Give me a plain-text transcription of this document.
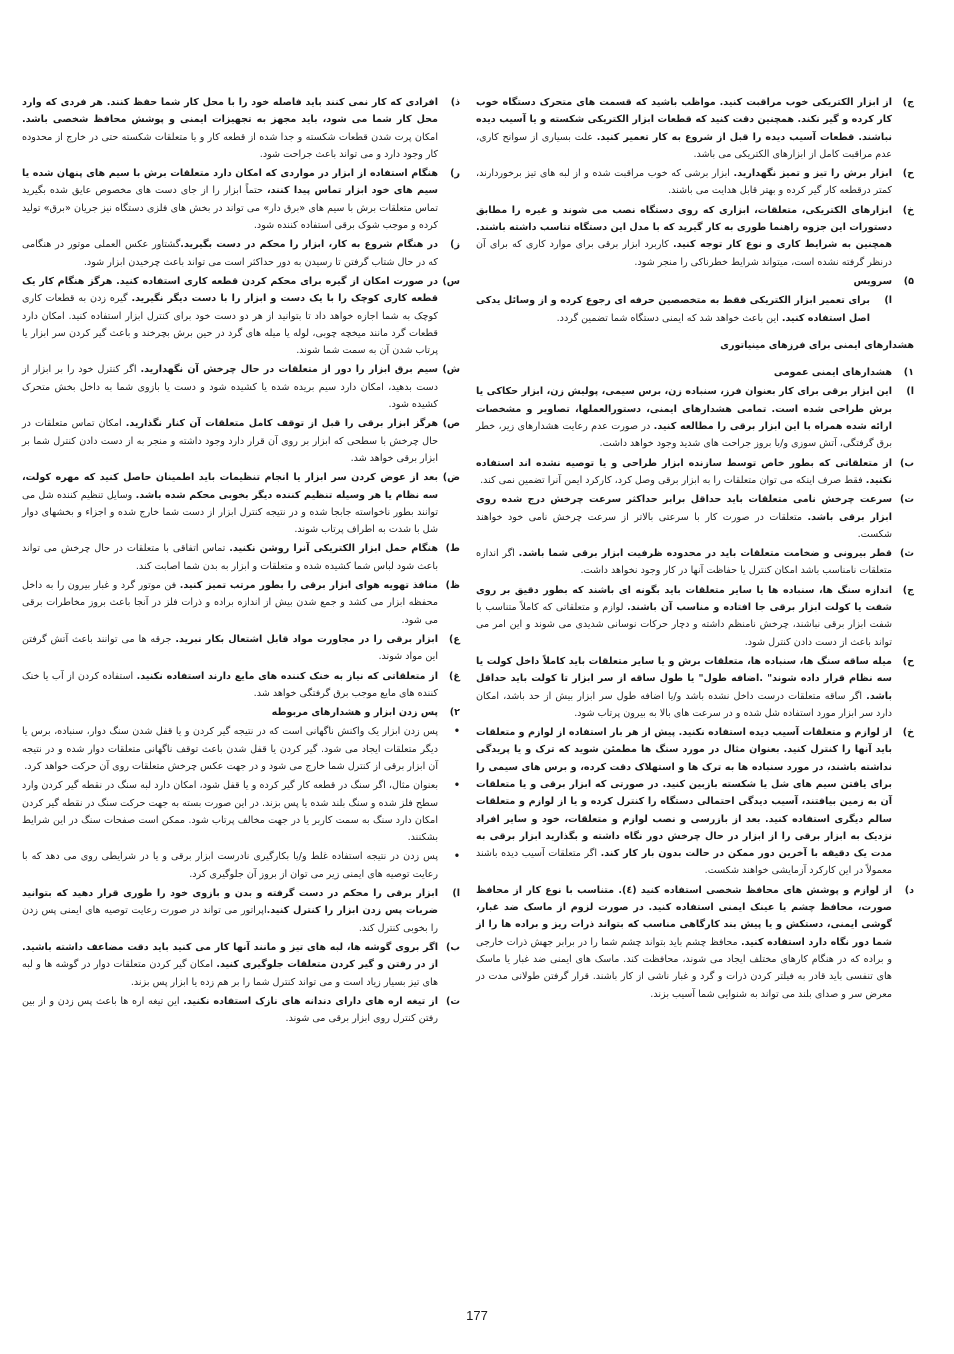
ج)
از ابزار الکتریکی خوب مراقبت کنید. مواظب باشید که قسمت های متحرک دستگاه خوب کار کرده و گیر نکند. همچنین دقت کنید که قطعات ابزار الکتریکی شکسته و یا آسیب دیده نباشند. قطعات آسیب دیده را قبل از شروع به کار تعمیر کنید. علت بسیاری از سوانح کاری، عدم مراقبت کامل از ابزارهای الکتریکی می باشد.
ح)
ابزار برش را تیز و تمیز نگهدارید. ابزار برشی که خوب مراقبت شده و از لبه های تیز برخوردارند، کمتر درقطعه کار گیر کرده و بهتر قابل هدایت می باشند.
خ)
ابزارهای الکتریکی، متعلقات، ابزاری که روی دستگاه نصب می شوند و غیره را مطابق دستورات این جزوه راهنما طوری به کار گیرید که با مدل این دستگاه تناسب داشته باشند. همچنین به شرایط کاری و نوع کار توجه کنید. کاربرد ابزار برقی برای موارد کاری که برای آن درنظر گرفته نشده است، میتواند شرایط خطرناکی را منجر شود.
۵)
سرویس
ا)
برای تعمیر ابزار الکتریکی فقط به متخصصین حرفه ای رجوع کرده و از وسائل یدکی اصل استفاده کنید. این باعث خواهد شد که ایمنی دستگاه شما تضمین گردد.
هشدارهای ایمنی برای فرزهای مینیاتوری
۱)
هشدارهای ایمنی عمومی
ا)
این ابزار برقی برای کار بعنوان فرز، سنباده زن، برس سیمی، پولیش زن، ابزار حکاکی یا برش طراحی شده است. تمامی هشدارهای ایمنی، دستورالعملها، تصاویر و مشخصات ارائه شده همراه با این ابزار برقی را مطالعه کنید. در صورت عدم رعایت هشدارهای زیر، خطر برق گرفتگی، آتش سوزی و/یا بروز جراحت های شدید وجود خواهد داشت.
ب)
از متعلقاتی که بطور خاص توسط سازنده ابزار طراحی و یا توصیه نشده اند استفاده نکنید. فقط صرف اینکه می توان متعلقات را به ابزار برقی وصل کرد، کارکرد ایمن آنرا تضمین نمی کند.
ت)
سرعت چرخش نامی متعلقات باید حداقل برابر حداکثر سرعت چرخش درج شده روی ابزار برقی باشد. متعلقات در صورت کار با سرعتی بالاتر از سرعت چرخش نامی خود خواهند شکست.
ث)
قطر بیرونی و ضخامت متعلقات باید در محدوده ظرفیت ابزار برقی شما باشد. اگر اندازه متعلقات نامناسب باشد امکان کنترل یا حفاظت آنها در کار وجود نخواهد داشت.
ج)
اندازه سنگ ها، سنباده ها یا سایر متعلقات باید بگونه ای باشند که بطور دقیق بر روی شفت یا کولت ابزار برقی جا افتاده و مناسب آن باشند. لوازم و متعلقاتی که کاملاً متناسب با شفت ابزار برقی نباشند، چرخش نامنظم داشته و دچار حرکات نوسانی شدیدی می شوند و این امر می تواند باعث از دست دادن کنترل شود.
ح)
میله ساقه سنگ ها، سنباده ها، متعلقات برش و یا سایر متعلقات باید کاملاً داخل کولت یا سه نظام قرار داده شوند" .اضافه طول" یا طول ساقه از سر ابزار تا کولت باید حداقل باشد. اگر ساقه متعلقات درست داخل نشده باشد و/یا اضافه طول سر ابزار بیش از حد باشد، امکان دارد سر ابزار مورد استفاده شل شده و در سرعت های بالا به بیرون پرتاب شود.
خ)
از لوازم و متعلقات آسیب دیده استفاده نکنید. پیش از هر بار استفاده از لوازم و متعلقات باید آنها را کنترل کنید. بعنوان مثال در مورد سنگ ها مطمئن شوید که ترک و یا پریدگی نداشته باشند، در مورد سنباده ها به ترک ها و استهلاک دقت کرده، و برس های سیمی را برای یافتن سیم های شل یا شکسته بازبین کنید. در صورتی که ابزار برقی و یا متعلقات آن به زمین بیافتند، آسیب دیدگی احتمالی دستگاه را کنترل کرده و یا از لوازم و متعلقات سالم دیگری استفاده کنید. بعد از بازرسی و نصب لوازم و متعلقات، خود و سایر افراد نزدیک به ابزار برقی را از ابزار در حال چرخش دور نگاه داشته و بگذارید ابزار برقی به مدت یک دقیقه با آخرین دور ممکن در حالت بدون بار کار کند. اگر متعلقات آسیب دیده باشند معمولاً در این کارکرد آزمایشی خواهند شکست.
د)
از لوازم و پوشش های محافظ شخصی استفاده کنید (٤). متناسب با نوع کار از محافظ صورت، محافظ چشم یا عینک ایمنی استفاده کنید. در صورت لزوم از ماسک ضد غبار، گوشی ایمنی، دستکش و یا پیش بند کارگاهی مناسب که بتواند ذرات ریز و براده ها را از شما دور نگاه دارد استفاده کنید. محافظ چشم باید بتواند چشم شما را در برابر جهش ذرات خارجی و براده که در هنگام کارهای مختلف ایجاد می شوند، محافظت کند. ماسک های ایمنی ضد غبار یا ماسک های تنفسی باید قادر به فیلتر کردن ذرات و گرد و غبار ناشی از کار باشند. قرار گرفتن طولانی مدت در معرض سر و صدای بلند می تواند به شنوایی شما آسیب بزند.
ذ)
افرادی که کار نمی کنند باید فاصله خود را با محل کار شما حفظ کنند. هر فردی که وارد محل کار شما می شود، باید مجهز به تجهیزات ایمنی و پوشش محافظ شخصی باشد. امکان پرت شدن قطعات شکسته و جدا شده از قطعه کار و یا متعلقات شکسته حتی در خارج از محدوده کار وجود دارد و می تواند باعث جراحت شود.
ر)
هنگام استفاده از ابزار در مواردی که امکان دارد متعلقات برش با سیم های پنهان شده یا سیم های خود ابزار تماس پیدا کنند، حتماً ابزار را از جای دست های مخصوص عایق شده بگیرید تماس متعلقات برش با سیم های «برق دار» می تواند در بخش های فلزی دستگاه نیز جریان «برق» تولید کرده و موجب شوک برقی استفاده کننده شود.
ز)
در هنگام شروع به کار، ابزار را محکم در دست بگیرید.گشتاور عکس العملی موتور در هنگامی که در حال شتاب گرفتن تا رسیدن به دور حداکثر است می تواند باعث چرخیدن ابزار شود.
س)
در صورت امکان از گیره برای محکم کردن قطعه کاری استفاده کنید. هرگز هنگام کار یک قطعه کاری کوچک را با یک دست و ابزار را با دست دیگر نگیرید. گیره زدن به قطعات کاری کوچک به شما اجازه خواهد داد تا بتوانید از هر دو دست خود برای کنترل ابزار استفاده کنید. امکان دارد قطعات گرد مانند میخچه چوبی، لوله یا میله های گرد در حین برش بچرخند و باعث گیر کردن سر ابزار یا پرتاب شدن آن به سمت شما شوند.
ش)
سیم برق ابزار را دور از متعلقات در حال چرخش آن نگهدارید. اگر کنترل خود را بر ابزار از دست بدهید، امکان دارد سیم بریده شده یا کشیده شود و دست یا بازوی شما به داخل بخش متحرک کشیده شود.
ص)
هرگز ابزار برقی را قبل از توقف کامل متعلقات آن کنار نگذارید. امکان تماس متعلقات در حال چرخش با سطحی که ابزار بر روی آن قرار دارد وجود داشته و منجر به از دست دادن کنترل شما بر ابزار برقی خواهد شد.
ض)
بعد از عوض کردن سر ابزار یا انجام تنظیمات باید اطمینان حاصل کنید که مهره کولت، سه نظام یا هر وسیله تنظیم کننده دیگر بخوبی محکم شده باشد. وسایل تنظیم کننده شل می توانند بطور ناخواسته جابجا شده و در نتیجه کنترل ابزار از دست شما خارج شده و اجزاء و بخشهای دوار شل با شدت به اطراف پرتاب شوند.
ط)
هنگام حمل ابزار الکتریکی آنرا روشن نکنید. تماس اتفاقی با متعلقات در حال چرخش می تواند باعث شود لباس شما کشیده شده و متعلقات و ابزار به بدن شما اصابت کند.
ظ)
منافذ تهویه هوای ابزار برقی را بطور مرتب تمیز کنید. فن موتور گرد و غبار بیرون را به داخل محفظه ابزار می کشد و جمع شدن بیش از اندازه براده و ذرات فلز در آنجا باعث بروز مخاطرات برقی می شود.
ع)
ابزار برقی را در مجاورت مواد قابل اشتعال بکار نبرید. جرقه ها می توانند باعث آتش گرفتن این مواد شوند.
غ)
از متعلقاتی که نیاز به خنک کننده های مایع دارند استفاده نکنید. استفاده کردن از آب یا خنک کننده های مایع موجب برق گرفتگی خواهد شد.
۲)
پس زدن ابزار و هشدارهای مربوطه
•
پس زدن ابزار یک واکنش ناگهانی است که در نتیجه گیر کردن و یا قفل شدن سنگ دوار، سنباده، برس یا دیگر متعلقات ایجاد می شود. گیر کردن یا قفل شدن باعث توقف ناگهانی متعلقات دوار شده و در نتیجه آن ابزار برقی از کنترل شما خارج می شود و در جهت عکس چرخش متعلقات روی آن حرکت خواهد کرد.
•
بعنوان مثال، اگر سنگ در قطعه کار گیر کرده و یا قفل شود، امکان دارد لبه سنگ در نقطه گیر کردن وارد سطح فلز شده و سنگ بلند شده یا پس بزند. در این صورت بسته به جهت حرکت سنگ در نقطه گیر کردن امکان دارد سنگ به سمت کاربر یا در جهت مخالف پرتاب شود. ممکن است صفحات سنگ در این شرایط بشکنند.
•
پس زدن در نتیجه استفاده غلط و/یا بکارگیری نادرست ابزار برقی و یا در شرایطی روی می دهد که با رعایت توصیه های ایمنی زیر می توان از بروز آن جلوگیری کرد.
ا)
ابزار برقی را محکم در دست گرفته و بدن و بازوی خود را طوری قرار دهید که بتوانید ضربات پس زدن ابزار را کنترل کنید.اپراتور می تواند در صورت رعایت توصیه های ایمنی پس زدن را بخوبی کنترل کند.
ب)
اگر بروی گوشه ها، لبه های تیز و مانند آنها کار می کنید باید دقت مضاعف داشته باشید. از در رفتن و گیر کردن متعلقات جلوگیری کنید. امکان گیر کردن متعلقات دوار در گوشه ها و لبه های تیز بسیار زیاد است و می تواند کنترل شما را بر هم زده یا ابزار پس بزند.
ت)
از تیغه اره های دارای دندانه های نازک استفاده نکنید. این تیغه اره ها باعث پس زدن و از بین رفتن کنترل روی ابزار برقی می شوند.
177
